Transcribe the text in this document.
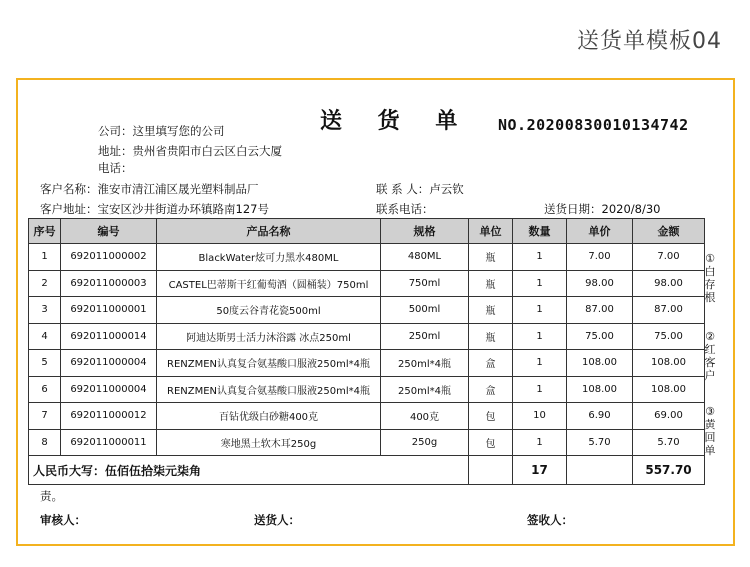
送货单模板04
送 货 单 NO.20200830010134742
公司：这里填写您的公司
地址：贵州省贵阳市白云区白云大厦
电话：
客户名称：淮安市清江浦区晟光塑料制品厂	联 系 人：卢云钦
客户地址：宝安区沙井街道办环镇路南127号	联系电话：	送货日期：2020/8/30
序号	编号	产品名称	规格	单位	数量	单价	金额
1	692011000002	BlackWater炫可力黑水480ML	480ML	瓶	1	7.00	7.00
2	692011000003	CASTEL巴蒂斯干红葡萄酒（圆桶装）750ml	750ml	瓶	1	98.00	98.00
3	692011000001	50度云谷青花瓷500ml	500ml	瓶	1	87.00	87.00
4	692011000014	阿迪达斯男士活力沐浴露 冰点250ml	250ml	瓶	1	75.00	75.00
5	692011000004	RENZMEN认真复合氨基酸口服液250ml*4瓶	250ml*4瓶	盒	1	108.00	108.00
6	692011000004	RENZMEN认真复合氨基酸口服液250ml*4瓶	250ml*4瓶	盒	1	108.00	108.00
7	692011000012	百钻优级白砂糖400克	400克	包	10	6.90	69.00
8	692011000011	寒地黑土软木耳250g	250g	包	1	5.70	5.70
人民币大写：伍佰伍拾柒元柒角					17		557.70
①白存根
②红客户
③黄回单
责。
审核人：	送货人：	签收人：
